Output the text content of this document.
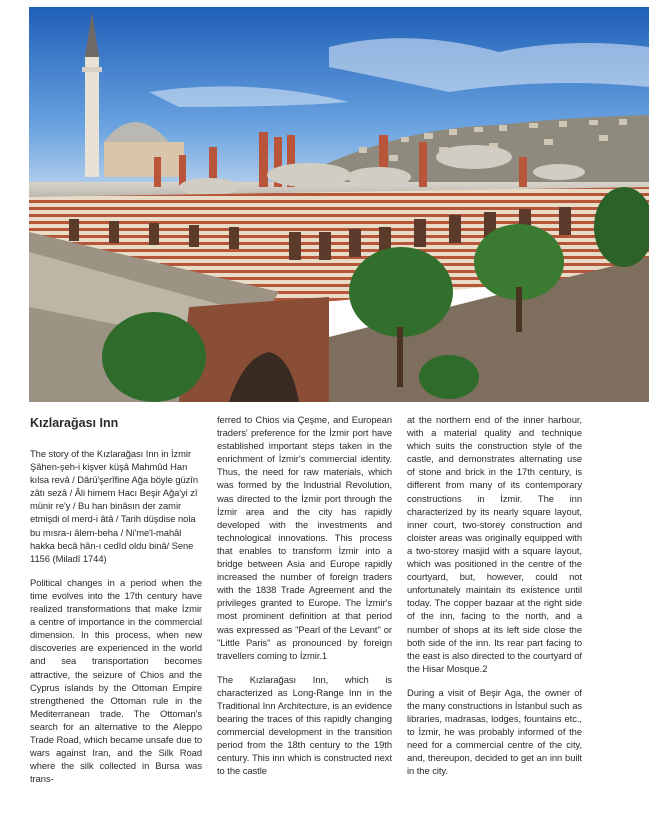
Kızlarağası Inn

The story of the Kızlarağası Inn in İzmir Şâhen-şeh-i kişver küşâ Mahmûd Han kılsa revâ / Dârü'şerîfine Ağa böyle güzîn zâtı sezâ / Âli himem Hacı Beşir Ağa'yi zî münir re'y / Bu han binâsın der zamir etmişdi ol merd-i âtâ / Tarih düşdise nola bu mısra-ı âlem-beha / Ni'me'l-mahâl hakka becâ hân-ı cedîd oldu binâ/ Sene 1156 (Miladî 1744)

Political changes in a period when the time evolves into the 17th century have realized transformations that make İzmir a centre of importance in the commercial dimension. In this process, when new discoveries are experienced in the world and sea transportation becomes attractive, the seizure of Chios and the Cyprus islands by the Ottoman Empire strengthened the Ottoman rule in the Mediterranean trade. The Ottoman's search for an alternative to the Aleppo Trade Road, which became unsafe due to wars against Iran, and the Silk Road where the silk collected in Bursa was trans-

ferred to Chios via Çeşme, and European traders' preference for the İzmir port have established important steps taken in the enrichment of İzmir's commercial identity. Thus, the need for raw materials, which was formed by the Industrial Revolution, was directed to the İzmir port through the İzmir area and the city has rapidly developed with the investments and technological innovations. This process that enables to transform İzmir into a bridge between Asia and Europe rapidly increased the number of foreign traders with the 1838 Trade Agreement and the privileges granted to Europe. The İzmir's most prominent definition at that period was expressed as "Pearl of the Levant" or "Little Paris" as pronounced by foreign travellers coming to İzmir.1

The Kızlarağası Inn, which is characterized as Long-Range Inn in the Traditional Inn Architecture, is an evidence bearing the traces of this rapidly changing commercial development in the transition period from the 18th century to the 19th century. This inn which is constructed next to the castle

at the northern end of the inner harbour, with a material quality and technique which suits the construction style of the castle, and demonstrates alternating use of stone and brick in the 17th century, is different from many of its contemporary constructions in İzmir. The inn characterized by its nearly square layout, inner court, two-storey construction and cloister areas was originally equipped with a two-storey masjid with a square layout, which was positioned in the centre of the courtyard, but, however, could not unfortunately maintain its existence until today. The copper bazaar at the right side of the inn, facing to the north, and a number of shops at its left side close the both side of the inn. Its rear part facing to the east is also directed to the courtyard of the Hisar Mosque.2

During a visit of Beşir Aga, the owner of the many constructions in İstanbul such as libraries, madrasas, lodges, fountains etc., to İzmir, he was probably informed of the need for a commercial centre of the city, and, thereupon, decided to get an inn built in the city.
